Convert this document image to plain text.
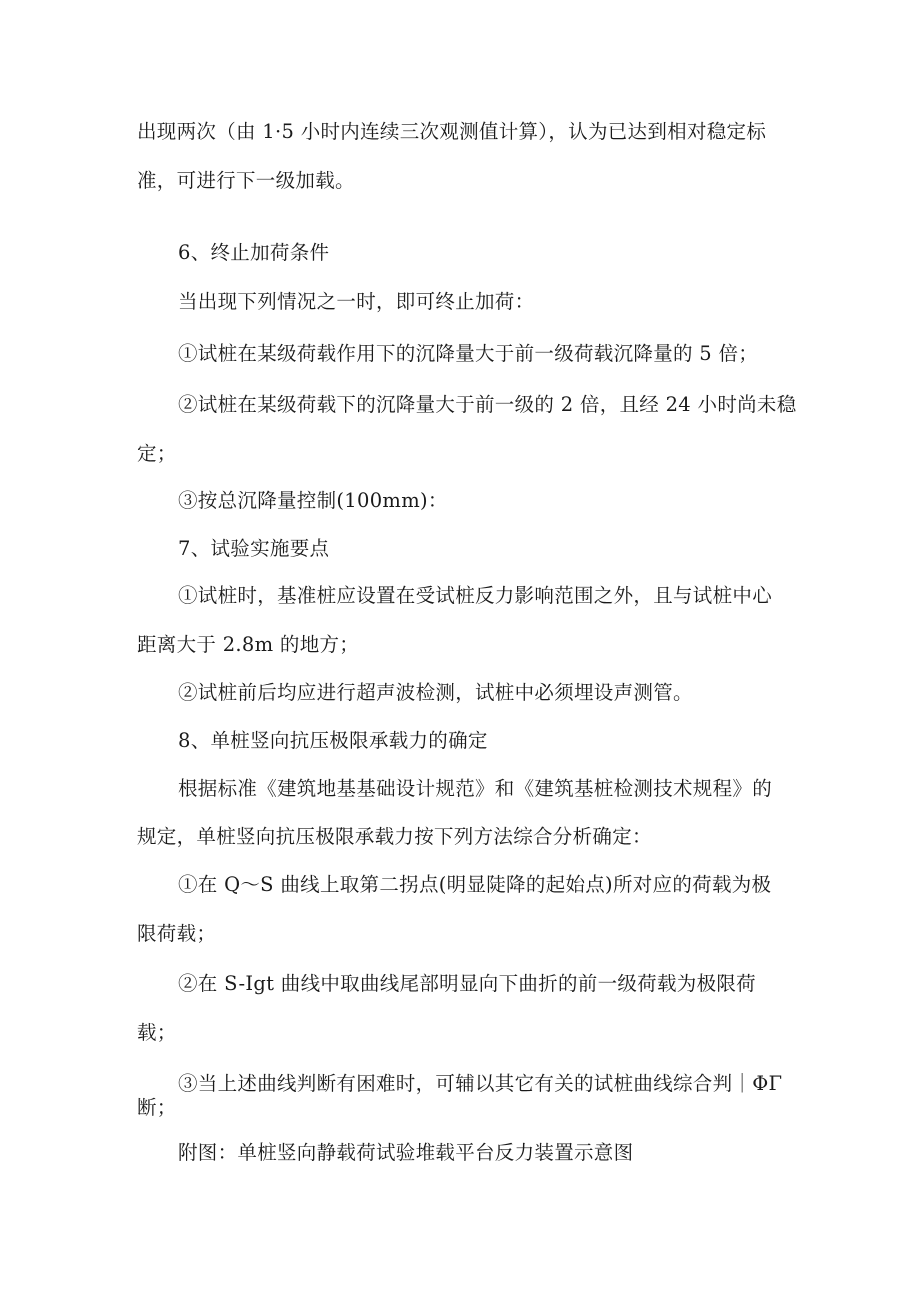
出现两次（由 1·5 小时内连续三次观测值计算），认为已达到相对稳定标
准，可进行下一级加载。
6、终止加荷条件
当出现下列情况之一时，即可终止加荷：
①试桩在某级荷载作用下的沉降量大于前一级荷载沉降量的 5 倍；
②试桩在某级荷载下的沉降量大于前一级的 2 倍，且经 24 小时尚未稳
定；
③按总沉降量控制(100mm)：
7、试验实施要点
①试桩时，基准桩应设置在受试桩反力影响范围之外，且与试桩中心
距离大于 2.8m 的地方；
②试桩前后均应进行超声波检测，试桩中必须埋设声测管。
8、单桩竖向抗压极限承载力的确定
根据标准《建筑地基基础设计规范》和《建筑基桩检测技术规程》的
规定，单桩竖向抗压极限承载力按下列方法综合分析确定：
①在 Q～S 曲线上取第二拐点(明显陡降的起始点)所对应的荷载为极
限荷载；
②在 S-Igt 曲线中取曲线尾部明显向下曲折的前一级荷载为极限荷
载；
③当上述曲线判断有困难时，可辅以其它有关的试桩曲线综合判｜ΦΓ
断；
附图：单桩竖向静载荷试验堆载平台反力装置示意图
